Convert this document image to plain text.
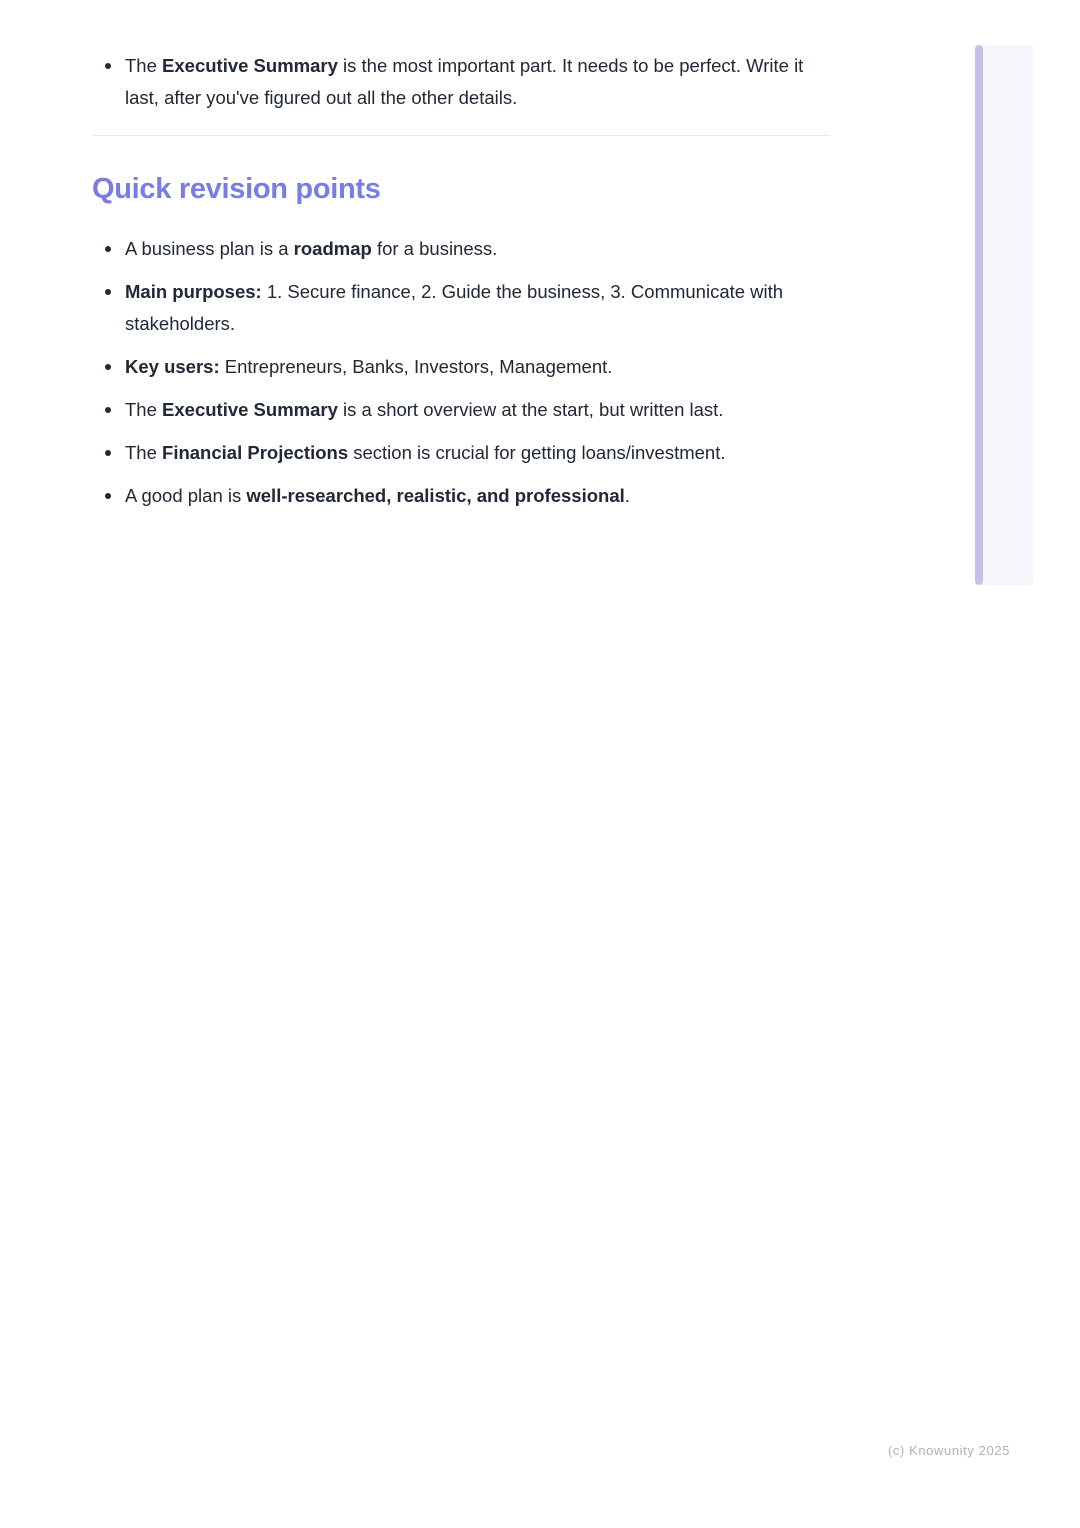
The Executive Summary is the most important part. It needs to be perfect. Write it last, after you've figured out all the other details.
Quick revision points
A business plan is a roadmap for a business.
Main purposes: 1. Secure finance, 2. Guide the business, 3. Communicate with stakeholders.
Key users: Entrepreneurs, Banks, Investors, Management.
The Executive Summary is a short overview at the start, but written last.
The Financial Projections section is crucial for getting loans/investment.
A good plan is well-researched, realistic, and professional.
(c) Knowunity 2025
